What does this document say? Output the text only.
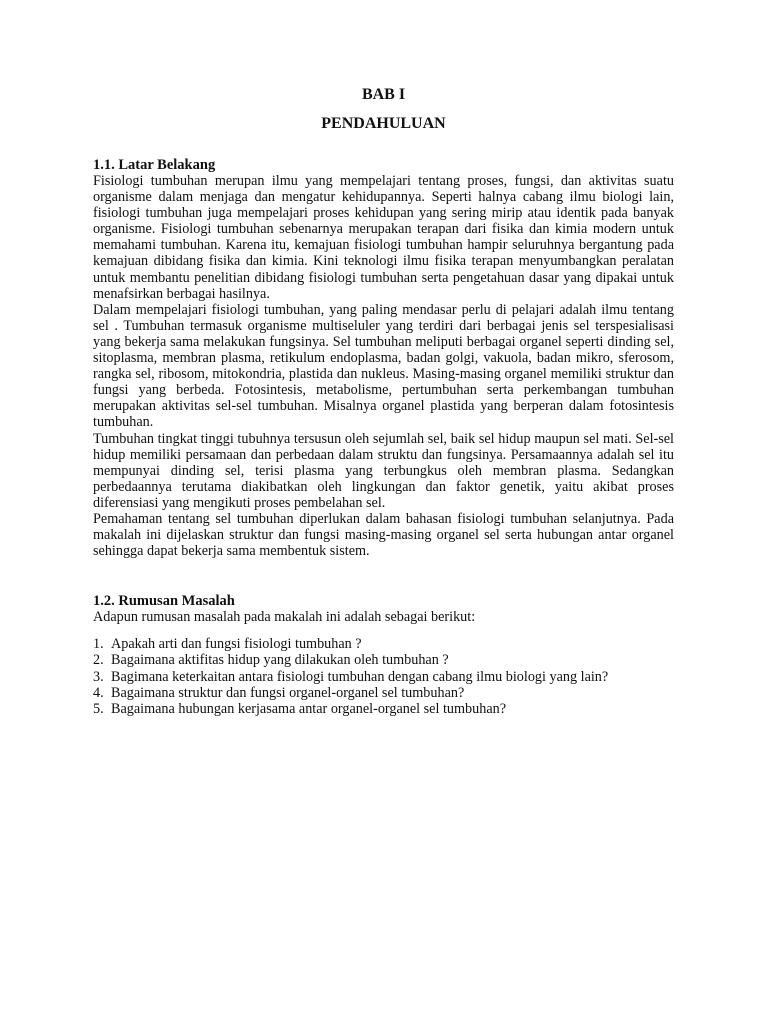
BAB I
PENDAHULUAN
1.1. Latar Belakang

Fisiologi tumbuhan merupan ilmu yang mempelajari tentang proses, fungsi, dan aktivitas suatu organisme dalam menjaga dan mengatur kehidupannya. Seperti halnya cabang ilmu biologi lain, fisiologi tumbuhan juga mempelajari proses kehidupan yang sering mirip atau identik pada banyak organisme. Fisiologi tumbuhan sebenarnya merupakan terapan dari fisika dan kimia modern untuk memahami tumbuhan. Karena itu, kemajuan fisiologi tumbuhan hampir seluruhnya bergantung pada kemajuan dibidang fisika dan kimia. Kini teknologi ilmu fisika terapan menyumbangkan peralatan untuk membantu penelitian dibidang fisiologi tumbuhan serta pengetahuan dasar yang dipakai untuk menafsirkan berbagai hasilnya.

Dalam mempelajari fisiologi tumbuhan, yang paling mendasar perlu di pelajari adalah ilmu tentang sel . Tumbuhan termasuk organisme multiseluler yang terdiri dari berbagai jenis sel terspesialisasi yang bekerja sama melakukan fungsinya. Sel tumbuhan meliputi berbagai organel seperti dinding sel, sitoplasma, membran plasma, retikulum endoplasma, badan golgi, vakuola, badan mikro, sferosom, rangka sel, ribosom, mitokondria, plastida dan nukleus. Masing-masing organel memiliki struktur dan fungsi yang berbeda. Fotosintesis, metabolisme, pertumbuhan serta perkembangan tumbuhan merupakan aktivitas sel-sel tumbuhan. Misalnya organel plastida yang berperan dalam fotosintesis tumbuhan.

Tumbuhan tingkat tinggi tubuhnya tersusun oleh sejumlah sel, baik sel hidup maupun sel mati. Sel-sel hidup memiliki persamaan dan perbedaan dalam struktu dan fungsinya. Persamaannya adalah sel itu mempunyai dinding sel, terisi plasma yang terbungkus oleh membran plasma. Sedangkan perbedaannya terutama diakibatkan oleh lingkungan dan faktor genetik, yaitu akibat proses diferensiasi yang mengikuti proses pembelahan sel.

Pemahaman tentang sel tumbuhan diperlukan dalam bahasan fisiologi tumbuhan selanjutnya. Pada makalah ini dijelaskan struktur dan fungsi masing-masing organel sel serta hubungan antar organel sehingga dapat bekerja sama membentuk sistem.

1.2. Rumusan Masalah

Adapun rumusan masalah pada makalah ini adalah sebagai berikut:

1. Apakah arti dan fungsi fisiologi tumbuhan ?
2. Bagaimana aktifitas hidup yang dilakukan oleh tumbuhan ?
3. Bagimana keterkaitan antara fisiologi tumbuhan dengan cabang ilmu biologi yang lain?
4. Bagaimana struktur dan fungsi organel-organel sel tumbuhan?
5. Bagaimana hubungan kerjasama antar organel-organel sel tumbuhan?
